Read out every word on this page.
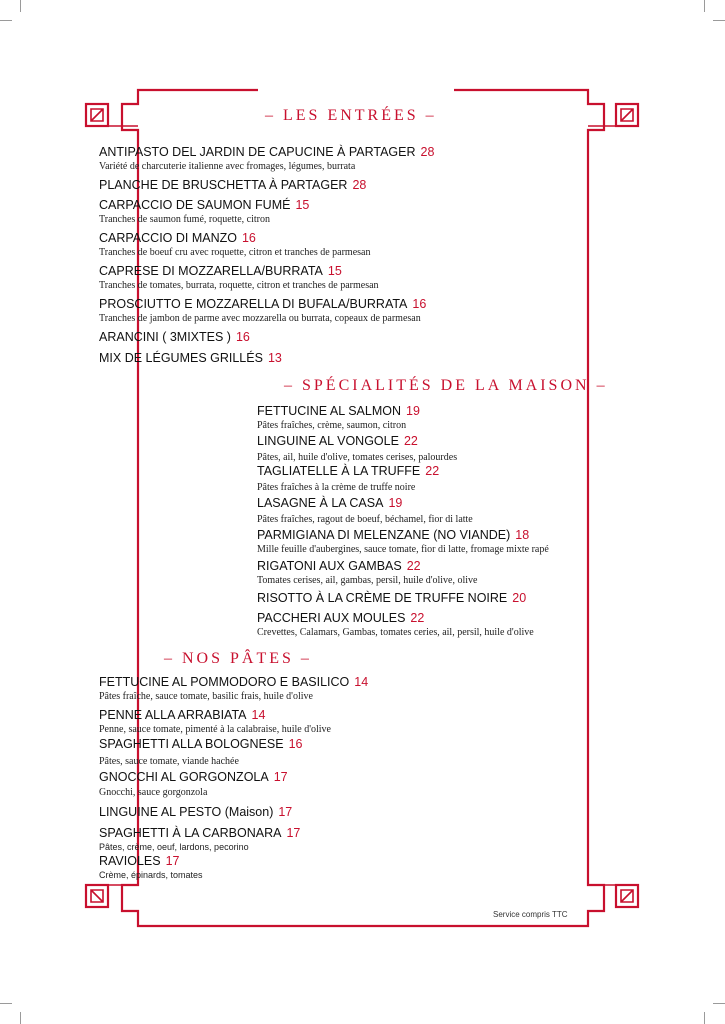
– LES ENTRÉES –
ANTIPASTO DEL JARDIN DE CAPUCINE À PARTAGER 28
Variété de charcuterie italienne avec fromages, légumes, burrata
PLANCHE DE BRUSCHETTA À PARTAGER 28
CARPACCIO DE SAUMON FUMÉ 15
Tranches de saumon fumé, roquette, citron
CARPACCIO DI MANZO 16
Tranches de boeuf cru avec roquette, citron et tranches de parmesan
CAPRESE DI MOZZARELLA/BURRATA 15
Tranches de tomates, burrata, roquette, citron et tranches de parmesan
PROSCIUTTO E MOZZARELLA DI BUFALA/BURRATA 16
Tranches de jambon de parme avec mozzarella ou burrata, copeaux de parmesan
ARANCINI ( 3MIXTES ) 16
MIX DE LÉGUMES GRILLÉS 13
– SPÉCIALITÉS DE LA MAISON –
FETTUCINE AL SALMON 19
Pâtes fraîches, crème, saumon, citron
LINGUINE AL VONGOLE 22
Pâtes, ail, huile d'olive, tomates cerises, palourdes
TAGLIATELLE À LA TRUFFE 22
Pâtes fraîches à la crème de truffe noire
LASAGNE À LA CASA 19
Pâtes fraîches, ragout de boeuf, béchamel, fior di latte
PARMIGIANA DI MELENZANE (NO VIANDE) 18
Mille feuille d'aubergines, sauce tomate, fior di latte, fromage mixte rapé
RIGATONI AUX GAMBAS 22
Tomates cerises, ail, gambas, persil, huile d'olive, olive
RISOTTO À LA CRÈME DE TRUFFE NOIRE 20
PACCHERI AUX MOULES 22
Crevettes, Calamars, Gambas, tomates ceries, ail, persil, huile d'olive
– NOS PÂTES –
FETTUCINE AL POMMODORO E BASILICO 14
Pâtes fraîche, sauce tomate, basilic frais, huile d'olive
PENNE ALLA ARRABIATA 14
Penne, sauce tomate, pimenté à la calabraise, huile d'olive
SPAGHETTI ALLA BOLOGNESE 16
Pâtes, sauce tomate, viande hachée
GNOCCHI AL GORGONZOLA 17
Gnocchi, sauce gorgonzola
LINGUINE AL PESTO (Maison) 17
SPAGHETTI À LA CARBONARA 17
Pâtes, crème, oeuf, lardons, pecorino
RAVIOLES 17
Crème, épinards, tomates
Service compris TTC
